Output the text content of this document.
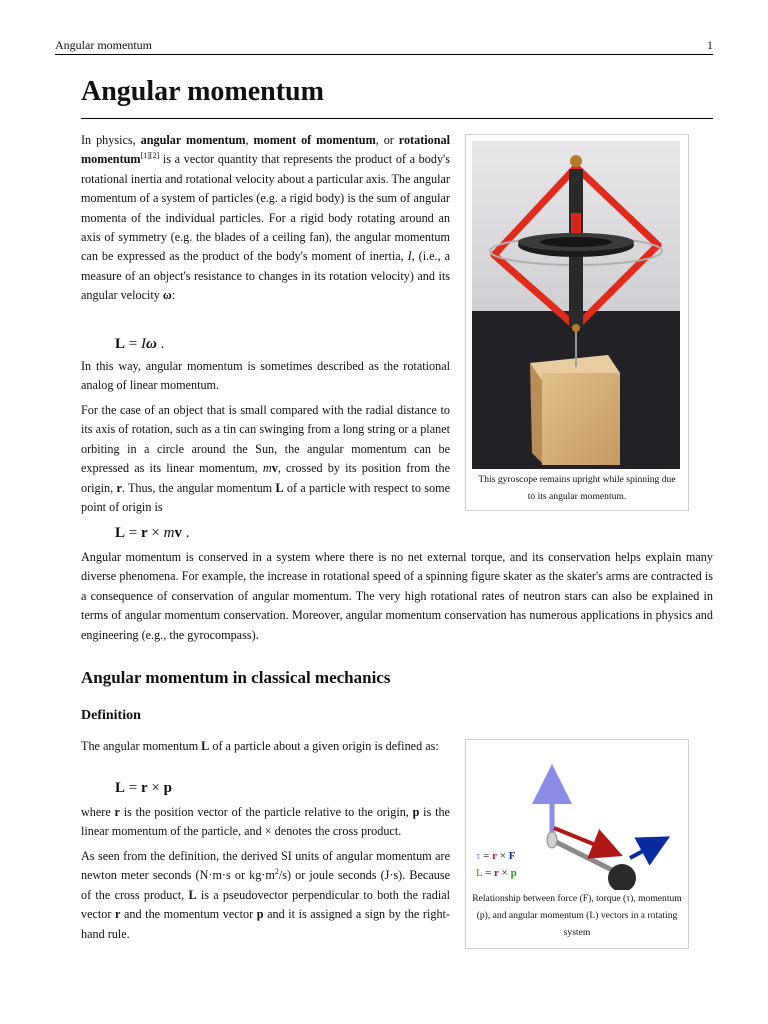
Angular momentum	1
Angular momentum

In physics, angular momentum, moment of momentum, or rotational momentum[1][2] is a vector quantity that represents the product of a body's rotational inertia and rotational velocity about a particular axis. The angular momentum of a system of particles (e.g. a rigid body) is the sum of angular momenta of the individual particles. For a rigid body rotating around an axis of symmetry (e.g. the blades of a ceiling fan), the angular momentum can be expressed as the product of the body's moment of inertia, I, (i.e., a measure of an object's resistance to changes in its rotation velocity) and its angular velocity ω:

L = Iω .

In this way, angular momentum is sometimes described as the rotational analog of linear momentum.

For the case of an object that is small compared with the radial distance to its axis of rotation, such as a tin can swinging from a long string or a planet orbiting in a circle around the Sun, the angular momentum can be expressed as its linear momentum, mv, crossed by its position from the origin, r. Thus, the angular momentum L of a particle with respect to some point of origin is

L = r × mv .

Angular momentum is conserved in a system where there is no net external torque, and its conservation helps explain many diverse phenomena. For example, the increase in rotational speed of a spinning figure skater as the skater's arms are contracted is a consequence of conservation of angular momentum. The very high rotational rates of neutron stars can also be explained in terms of angular momentum conservation. Moreover, angular momentum conservation has numerous applications in physics and engineering (e.g., the gyrocompass).

Angular momentum in classical mechanics
Definition

The angular momentum L of a particle about a given origin is defined as:

L = r × p

where r is the position vector of the particle relative to the origin, p is the linear momentum of the particle, and × denotes the cross product.

As seen from the definition, the derived SI units of angular momentum are newton meter seconds (N·m·s or $kg\cdot m^2/s$) or joule seconds (J·s). Because of the cross product, L is a pseudovector perpendicular to both the radial vector r and the momentum vector p and it is assigned a sign by the right-hand rule.

This gyroscope remains upright while spinning due to its angular momentum.
τ = r × F
L = r × p
Relationship between force (F), torque (τ), momentum (p), and angular momentum (L) vectors in a rotating system
